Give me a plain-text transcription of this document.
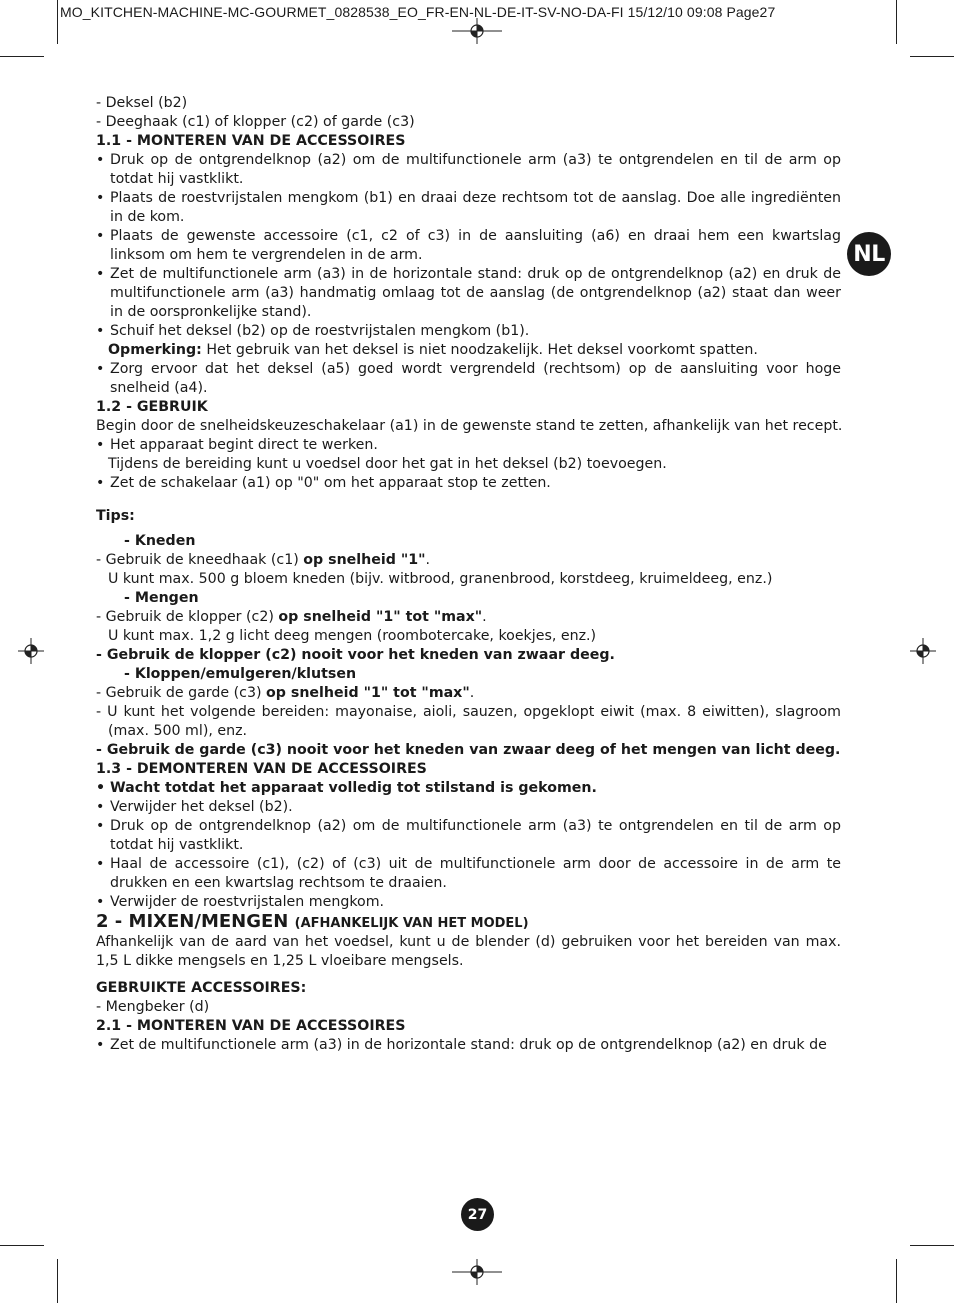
MO_KITCHEN-MACHINE-MC-GOURMET_0828538_EO_FR-EN-NL-DE-IT-SV-NO-DA-FI 15/12/10 09:08 Page27
NL

- Deksel (b2)

- Deeghaak (c1) of klopper (c2) of garde (c3)

1.1 - MONTEREN VAN DE ACCESSOIRES

• Druk op de ontgrendelknop (a2) om de multifunctionele arm (a3) te ontgrendelen en til de arm op totdat hij vastklikt.
• Plaats de roestvrijstalen mengkom (b1) en draai deze rechtsom tot de aanslag. Doe alle ingrediënten in de kom.
• Plaats de gewenste accessoire (c1, c2 of c3) in de aansluiting (a6) en draai hem een kwartslag linksom om hem te vergrendelen in de arm.
• Zet de multifunctionele arm (a3) in de horizontale stand: druk op de ontgrendelknop (a2) en druk de multifunctionele arm (a3) handmatig omlaag tot de aanslag (de ontgrendelknop (a2) staat dan weer in de oorspronkelijke stand).
• Schuif het deksel (b2) op de roestvrijstalen mengkom (b1).

Opmerking: Het gebruik van het deksel is niet noodzakelijk. Het deksel voorkomt spatten.

• Zorg ervoor dat het deksel (a5) goed wordt vergrendeld (rechtsom) op de aansluiting voor hoge snelheid (a4).

1.2 - GEBRUIK

Begin door de snelheidskeuzeschakelaar (a1) in de gewenste stand te zetten, afhankelijk van het recept.

• Het apparaat begint direct te werken.

Tijdens de bereiding kunt u voedsel door het gat in het deksel (b2) toevoegen.

• Zet de schakelaar (a1) op "0" om het apparaat stop te zetten.

Tips:

- Kneden

- Gebruik de kneedhaak (c1) op snelheid "1".

U kunt max. 500 g bloem kneden (bijv. witbrood, granenbrood, korstdeeg, kruimeldeeg, enz.)

- Mengen

- Gebruik de klopper (c2) op snelheid "1" tot "max".

U kunt max. 1,2 g licht deeg mengen (roombotercake, koekjes, enz.)

- Gebruik de klopper (c2) nooit voor het kneden van zwaar deeg.

- Kloppen/emulgeren/klutsen

- Gebruik de garde (c3) op snelheid "1" tot "max".

- U kunt het volgende bereiden: mayonaise, aioli, sauzen, opgeklopt eiwit (max. 8 eiwitten), slagroom (max. 500 ml), enz.

- Gebruik de garde (c3) nooit voor het kneden van zwaar deeg of het mengen van licht deeg.

1.3 - DEMONTEREN VAN DE ACCESSOIRES

• Wacht totdat het apparaat volledig tot stilstand is gekomen.
• Verwijder het deksel (b2).
• Druk op de ontgrendelknop (a2) om de multifunctionele arm (a3) te ontgrendelen en til de arm op totdat hij vastklikt.
• Haal de accessoire (c1), (c2) of (c3) uit de multifunctionele arm door de accessoire in de arm te drukken en een kwartslag rechtsom te draaien.
• Verwijder de roestvrijstalen mengkom.

2 - MIXEN/MENGEN (AFHANKELIJK VAN HET MODEL)

Afhankelijk van de aard van het voedsel, kunt u de blender (d) gebruiken voor het bereiden van max. 1,5 L dikke mengsels en 1,25 L vloeibare mengsels.

GEBRUIKTE ACCESSOIRES:

- Mengbeker (d)

2.1 - MONTEREN VAN DE ACCESSOIRES

• Zet de multifunctionele arm (a3) in de horizontale stand: druk op de ontgrendelknop (a2) en druk de
27
